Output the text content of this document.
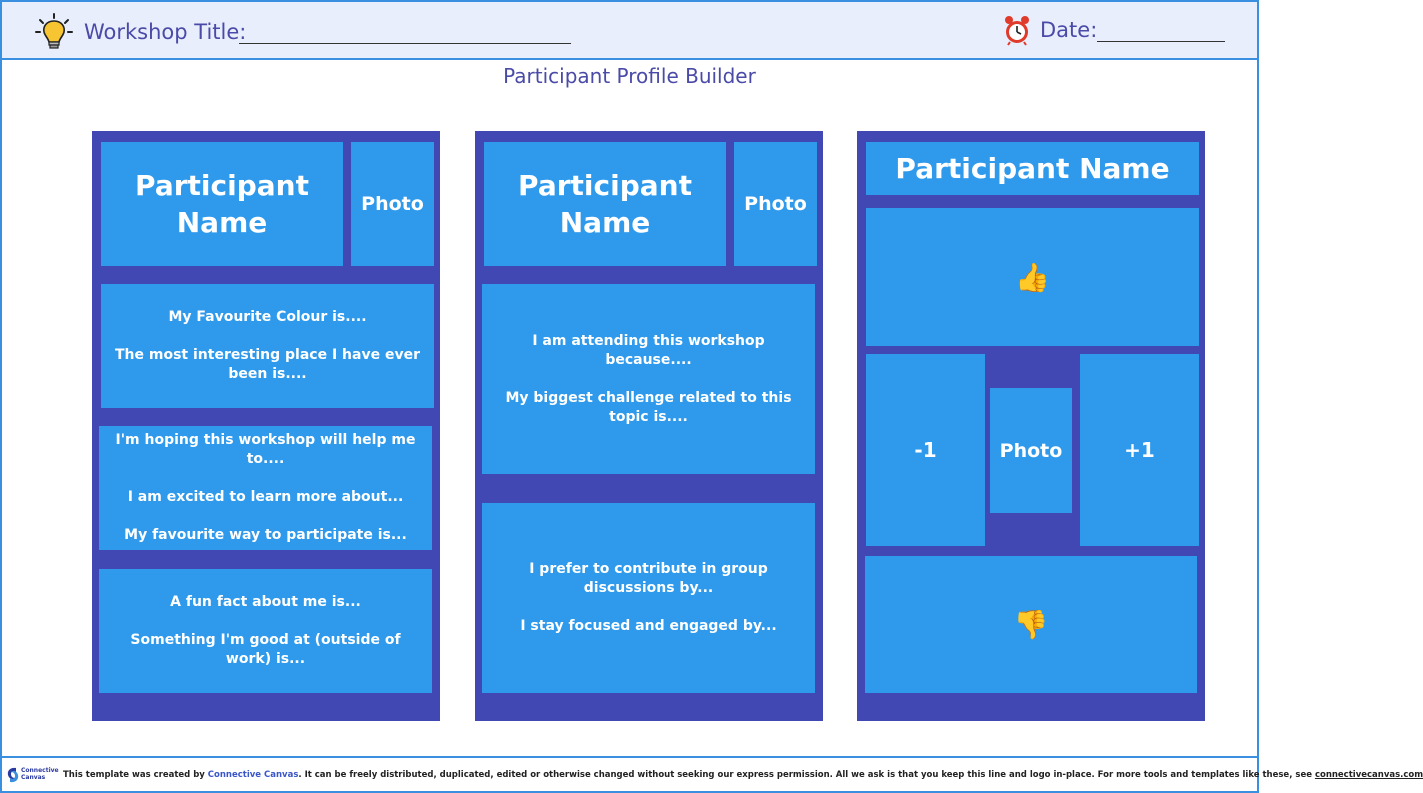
Workshop Title:	Date:
Participant Profile Builder
Participant Name
Photo

My Favourite Colour is....

The most interesting place I have ever been is....

I'm hoping this workshop will help me to....

I am excited to learn more about...

My favourite way to participate is...

A fun fact about me is...

Something I'm good at (outside of work) is...

Participant Name
Photo

I am attending this workshop because....

My biggest challenge related to this topic is....

I prefer to contribute in group discussions by...

I stay focused and engaged by...

Participant Name
👍
-1	Photo	+1
👎
Connective
Canvas	This template was created by Connective Canvas. It can be freely distributed, duplicated, edited or otherwise changed without seeking our express permission. All we ask is that you keep this line and logo in-place. For more tools and templates like these, see connectivecanvas.com
